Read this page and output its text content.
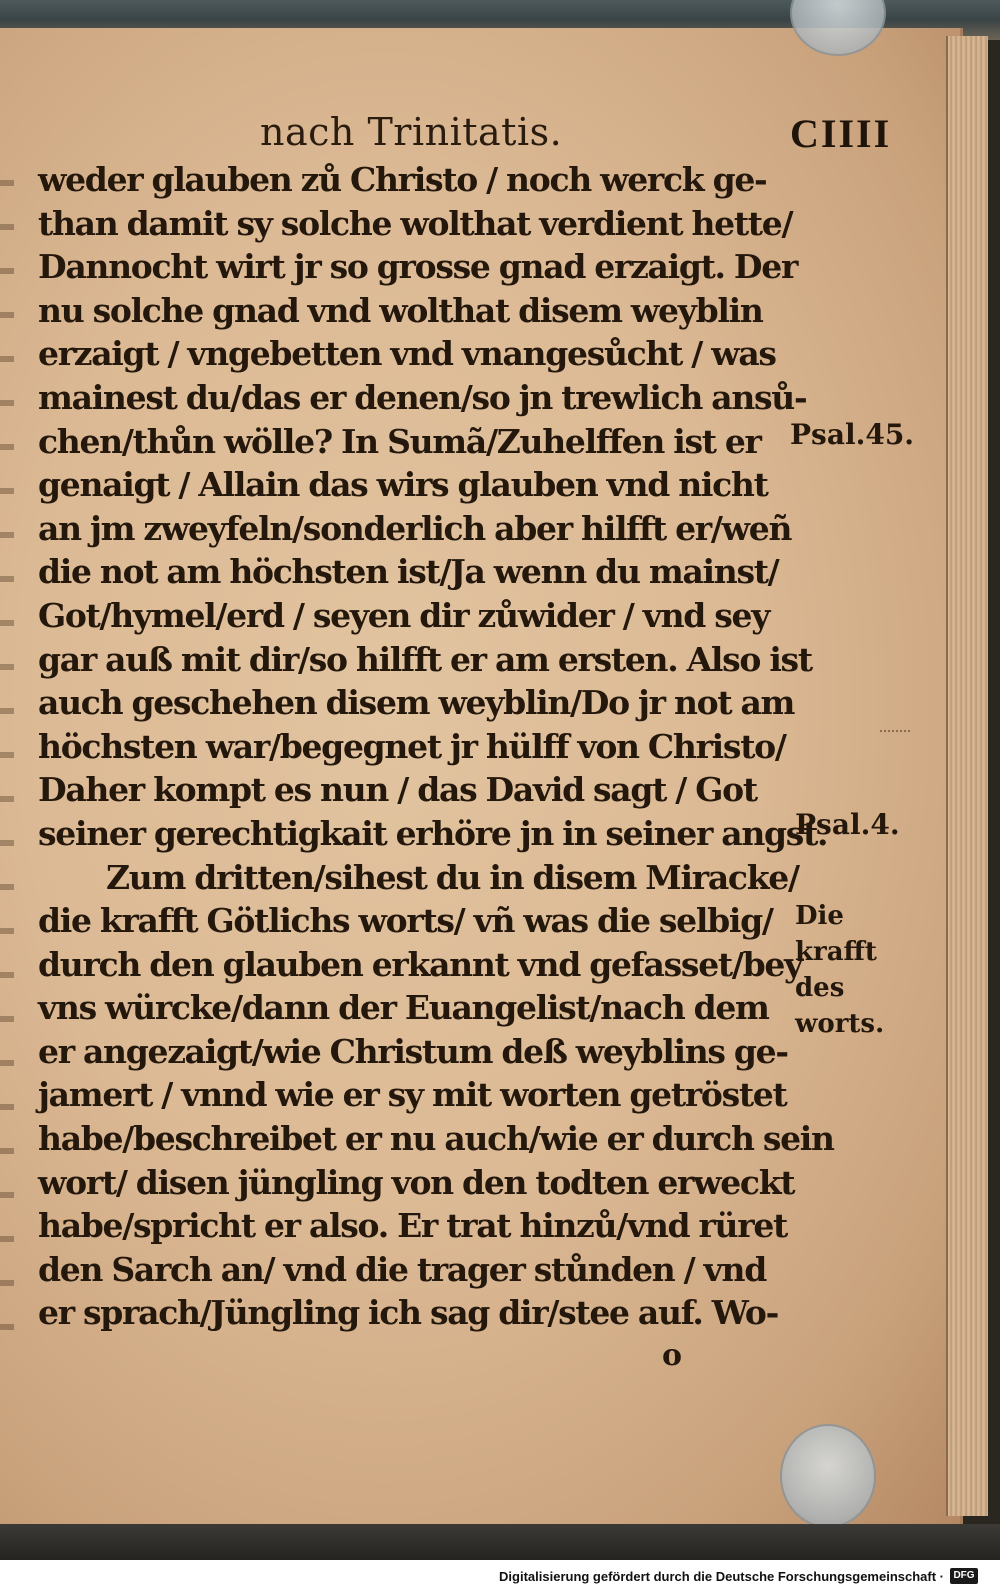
nach Trinitatis.	CIIII
weder glauben zů Christo / noch werck ge-
than damit sy solche wolthat verdient hette/
Dannocht wirt jr so grosse gnad erzaigt. Der
nu solche gnad vnd wolthat disem weyblin
erzaigt / vngebetten vnd vnangesůcht / was
mainest du/das er denen/so jn trewlich ansů-
chen/thůn wölle? In Sumã/Zuhelffen ist er
genaigt / Allain das wirs glauben vnd nicht
an jm zweyfeln/sonderlich aber hilfft er/weñ
die not am höchsten ist/Ja wenn du mainst/
Got/hymel/erd / seyen dir zůwider / vnd sey
gar auß mit dir/so hilfft er am ersten. Also ist
auch geschehen disem weyblin/Do jr not am
höchsten war/begegnet jr hülff von Christo/
Daher kompt es nun / das David sagt / Got
seiner gerechtigkait erhöre jn in seiner angst.
Zum dritten/sihest du in disem Miracke/
die krafft Götlichs worts/ vñ was die selbig/
durch den glauben erkannt vnd gefasset/bey
vns würcke/dann der Euangelist/nach dem
er angezaigt/wie Christum deß weyblins ge-
jamert / vnnd wie er sy mit worten getröstet
habe/beschreibet er nu auch/wie er durch sein
wort/ disen jüngling von den todten erweckt
habe/spricht er also. Er trat hinzů/vnd rüret
den Sarch an/ vnd die trager stůnden / vnd
er sprach/Jüngling ich sag dir/stee auf. Wo-
Psal.45.
Psal.4.
Die
krafft
des
worts.
o
Digitalisierung gefördert durch die Deutsche Forschungsgemeinschaft · DFG
